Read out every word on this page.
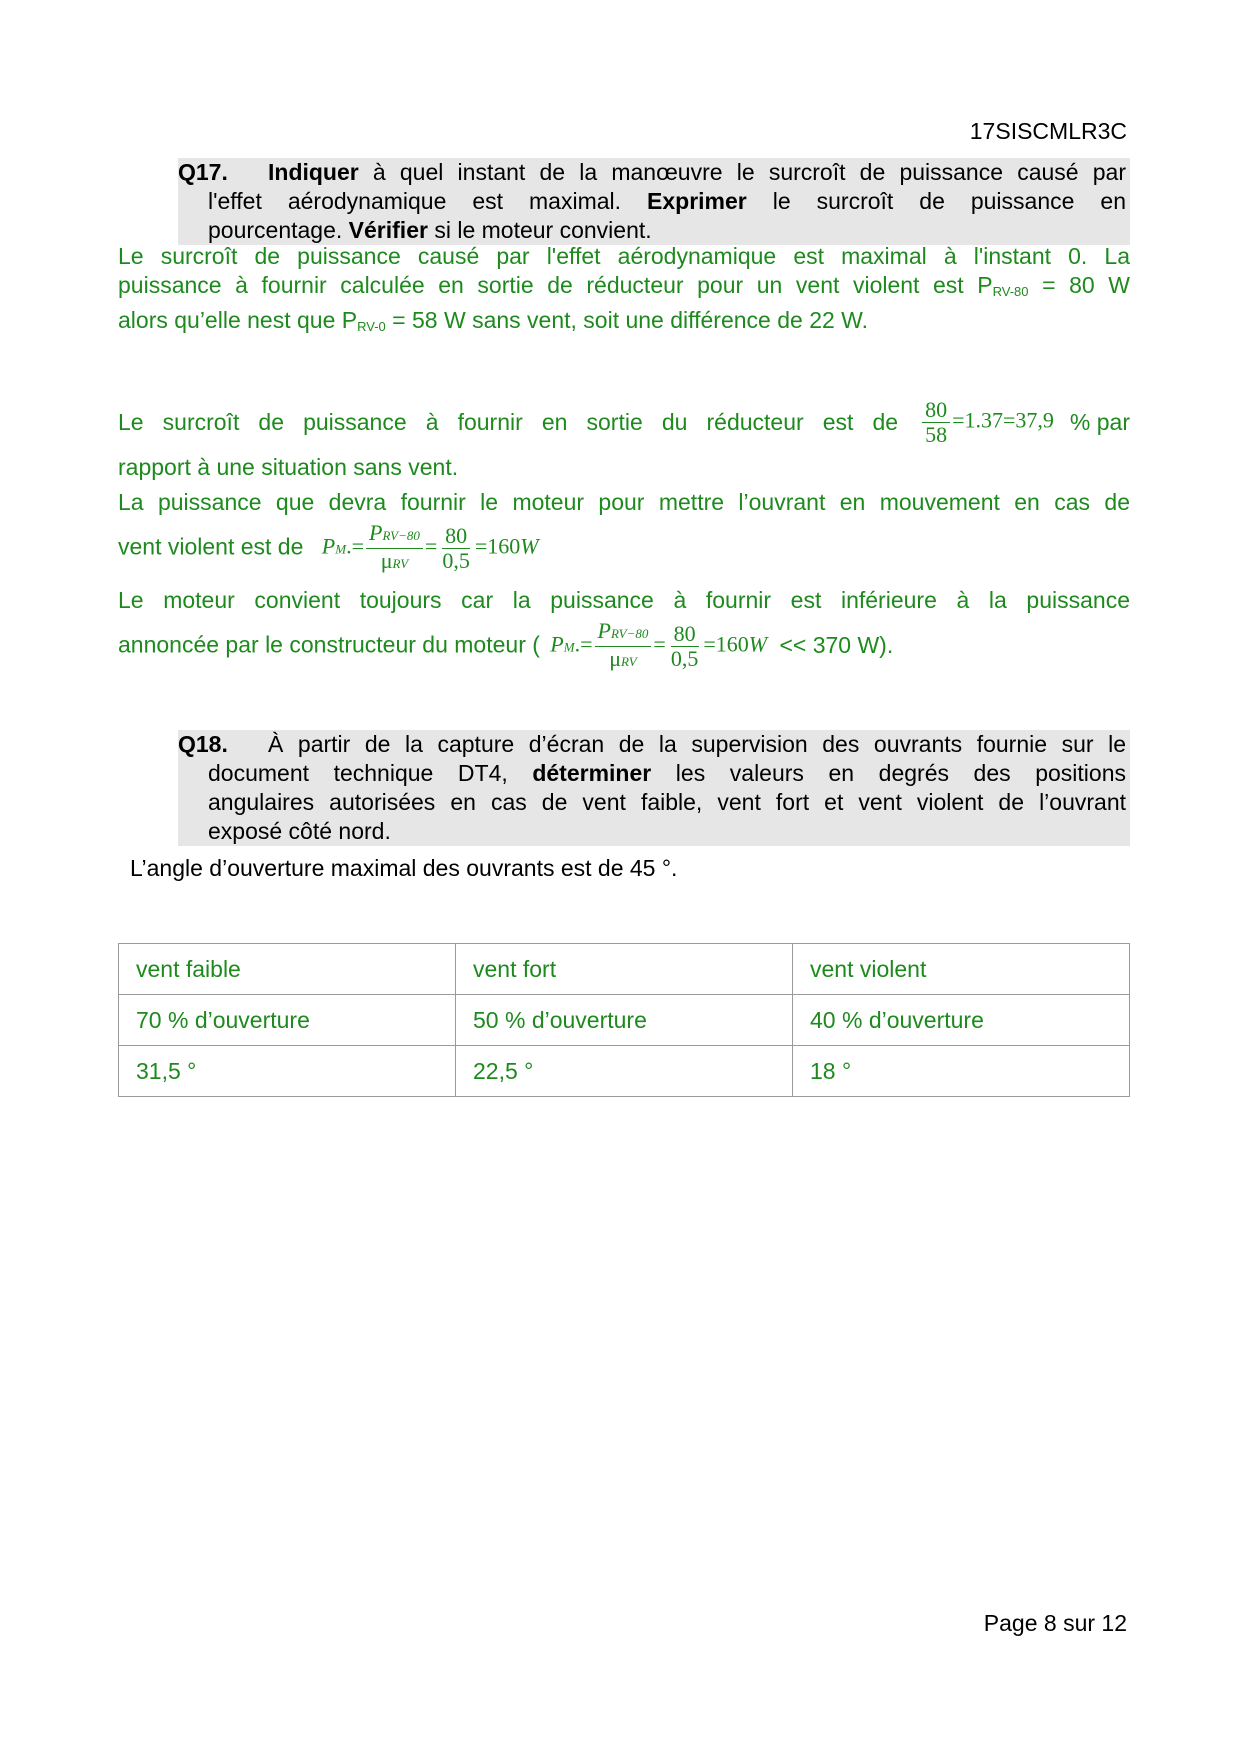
17SISCMLR3C
Q17. Indiquer à quel instant de la manœuvre le surcroît de puissance causé par
l'effet aérodynamique est maximal. Exprimer le surcroît de puissance en
pourcentage. Vérifier si le moteur convient.
Le surcroît de puissance causé par l'effet aérodynamique est maximal à l'instant 0. La
puissance à fournir calculée en sortie de réducteur pour un vent violent est $P_{RV-80} = 80$ W
alors qu’elle nest que $P_{RV-0} = 58$ W sans vent, soit une différence de 22 W.
Le surcroît de puissance à fournir en sortie du réducteur est de	$\frac{80}{58} =1.37=37,9$ % par
rapport à une situation sans vent.
La puissance que devra fournir le moteur pour mettre l’ouvrant en mouvement en cas de
vent violent est de $PM.= \frac{\text{PRV−80}}{\text{μRV}} = \frac{80}{0,5} =160W$
Le moteur convient toujours car la puissance à fournir est inférieure à la puissance
annoncée par le constructeur du moteur ( $PM.= \frac{\text{PRV−80}}{\text{μRV}} = \frac{80}{0,5} =160W << 370$ W).
Q18. À partir de la capture d’écran de la supervision des ouvrants fournie sur le
document technique DT4, déterminer les valeurs en degrés des positions
angulaires autorisées en cas de vent faible, vent fort et vent violent de l’ouvrant
exposé côté nord.
L’angle d’ouverture maximal des ouvrants est de 45 °.
vent faible	vent fort	vent violent
70 % d’ouverture	50 % d’ouverture	40 % d’ouverture
31,5 °	22,5 °	18 °
Page 8 sur 12
